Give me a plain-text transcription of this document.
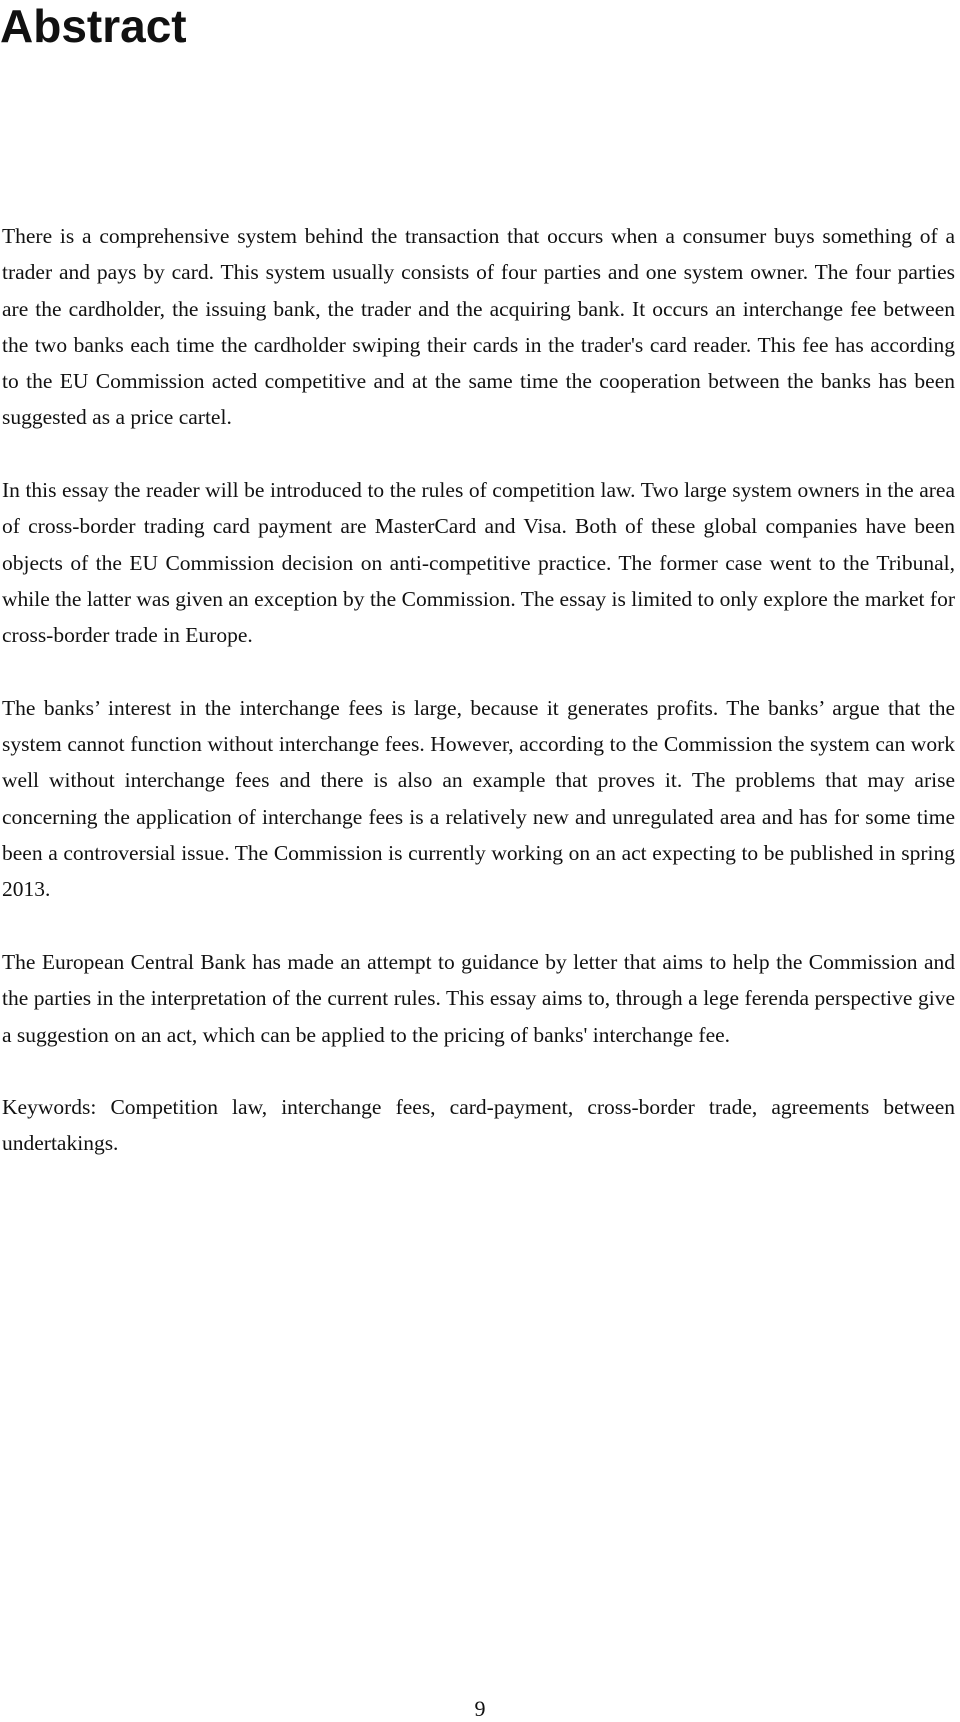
Abstract

There is a comprehensive system behind the transaction that occurs when a consumer buys something of a trader and pays by card. This system usually consists of four parties and one system owner. The four parties are the cardholder, the issuing bank, the trader and the acquiring bank. It occurs an interchange fee between the two banks each time the cardholder swiping their cards in the trader's card reader. This fee has according to the EU Commission acted competitive and at the same time the cooperation between the banks has been suggested as a price cartel.

In this essay the reader will be introduced to the rules of competition law. Two large system owners in the area of cross-border trading card payment are MasterCard and Visa. Both of these global companies have been objects of the EU Commission decision on anti-competitive practice. The former case went to the Tribunal, while the latter was given an exception by the Commission. The essay is limited to only explore the market for cross-border trade in Europe.

The banks’ interest in the interchange fees is large, because it generates profits. The banks’ argue that the system cannot function without interchange fees. However, according to the Commission the system can work well without interchange fees and there is also an example that proves it. The problems that may arise concerning the application of interchange fees is a relatively new and unregulated area and has for some time been a controversial issue. The Commission is currently working on an act expecting to be published in spring 2013.

The European Central Bank has made an attempt to guidance by letter that aims to help the Commission and the parties in the interpretation of the current rules. This essay aims to, through a lege ferenda perspective give a suggestion on an act, which can be applied to the pricing of banks' interchange fee.

Keywords: Competition law, interchange fees, card-payment, cross-border trade, agreements between undertakings.

9
